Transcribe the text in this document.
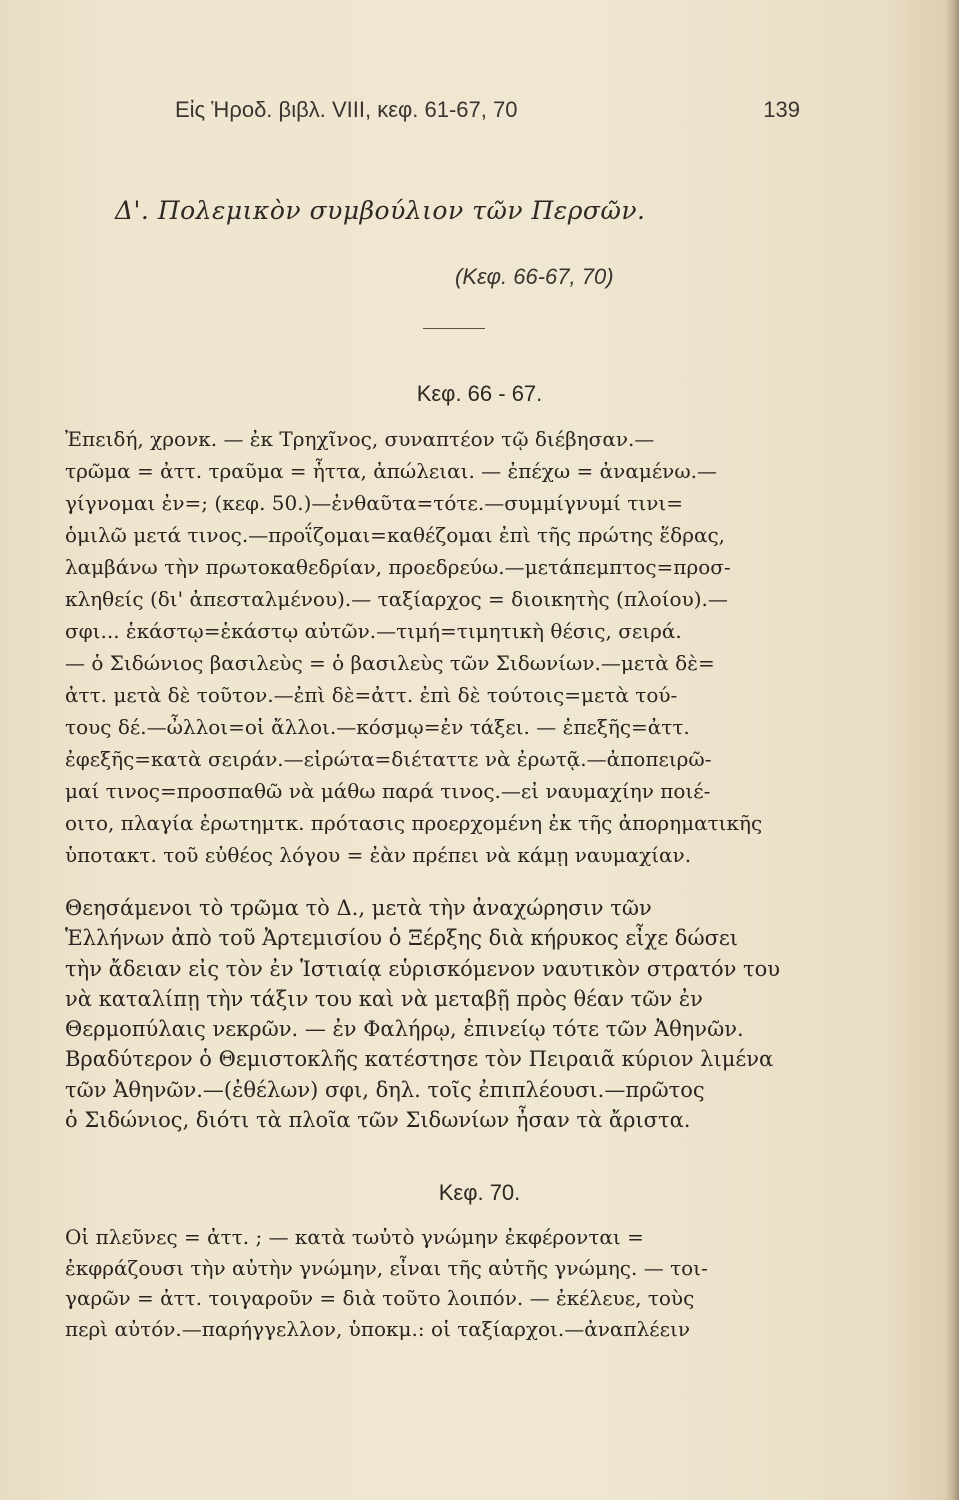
Εἰς Ἡροδ. βιβλ. VIII, κεφ. 61-67, 70	139
Δ'. Πολεμικὸν συμβούλιον τῶν Περσῶν.
(Κεφ. 66-67, 70)
Κεφ. 66 - 67.
Ἐπειδή, χρονκ. — ἐκ Τρηχῖνος, συναπτέον τῷ διέβησαν.—
τρῶμα = ἀττ. τραῦμα = ἧττα, ἀπώλειαι. — ἐπέχω = ἀναμένω.—
γίγνομαι ἐν=; (κεφ. 50.)—ἐνθαῦτα=τότε.—συμμίγνυμί τινι=
ὁμιλῶ μετά τινος.—προΐζομαι=καθέζομαι ἐπὶ τῆς πρώτης ἕδρας,
λαμβάνω τὴν πρωτοκαθεδρίαν, προεδρεύω.—μετάπεμπτος=προσ-
κληθείς (δι' ἀπεσταλμένου).— ταξίαρχος = διοικητὴς (πλοίου).—
σφι... ἑκάστῳ=ἑκάστῳ αὐτῶν.—τιμή=τιμητικὴ θέσις, σειρά.
— ὁ Σιδώνιος βασιλεὺς = ὁ βασιλεὺς τῶν Σιδωνίων.—μετὰ δὲ=
ἀττ. μετὰ δὲ τοῦτον.—ἐπὶ δὲ=ἀττ. ἐπὶ δὲ τούτοις=μετὰ τού-
τους δέ.—ὦλλοι=οἱ ἄλλοι.—κόσμῳ=ἐν τάξει. — ἐπεξῆς=ἀττ.
ἐφεξῆς=κατὰ σειράν.—εἰρώτα=διέταττε νὰ ἐρωτᾷ.—ἀποπειρῶ-
μαί τινος=προσπαθῶ νὰ μάθω παρά τινος.—εἰ ναυμαχίην ποιέ-
οιτο, πλαγία ἐρωτημτκ. πρότασις προερχομένη ἐκ τῆς ἀπορηματικῆς
ὑποτακτ. τοῦ εὐθέος λόγου = ἐὰν πρέπει νὰ κάμῃ ναυμαχίαν.
Θεησάμενοι τὸ τρῶμα τὸ Δ., μετὰ τὴν ἀναχώρησιν τῶν
Ἑλλήνων ἀπὸ τοῦ Ἀρτεμισίου ὁ Ξέρξης διὰ κήρυκος εἶχε δώσει
τὴν ἄδειαν εἰς τὸν ἐν Ἱστιαίᾳ εὑρισκόμενον ναυτικὸν στρατόν του
νὰ καταλίπῃ τὴν τάξιν του καὶ νὰ μεταβῇ πρὸς θέαν τῶν ἐν
Θερμοπύλαις νεκρῶν. — ἐν Φαλήρῳ, ἐπινείῳ τότε τῶν Ἀθηνῶν.
Βραδύτερον ὁ Θεμιστοκλῆς κατέστησε τὸν Πειραιᾶ κύριον λιμένα
τῶν Ἀθηνῶν.—(ἐθέλων) σφι, δηλ. τοῖς ἐπιπλέουσι.—πρῶτος
ὁ Σιδώνιος, διότι τὰ πλοῖα τῶν Σιδωνίων ἦσαν τὰ ἄριστα.
Κεφ. 70.
Οἱ πλεῦνες = ἀττ. ; — κατὰ τωὐτὸ γνώμην ἐκφέρονται =
ἐκφράζουσι τὴν αὐτὴν γνώμην, εἶναι τῆς αὐτῆς γνώμης. — τοι-
γαρῶν = ἀττ. τοιγαροῦν = διὰ τοῦτο λοιπόν. — ἐκέλευε, τοὺς
περὶ αὐτόν.—παρήγγελλον, ὑποκμ.: οἱ ταξίαρχοι.—ἀναπλέειν
